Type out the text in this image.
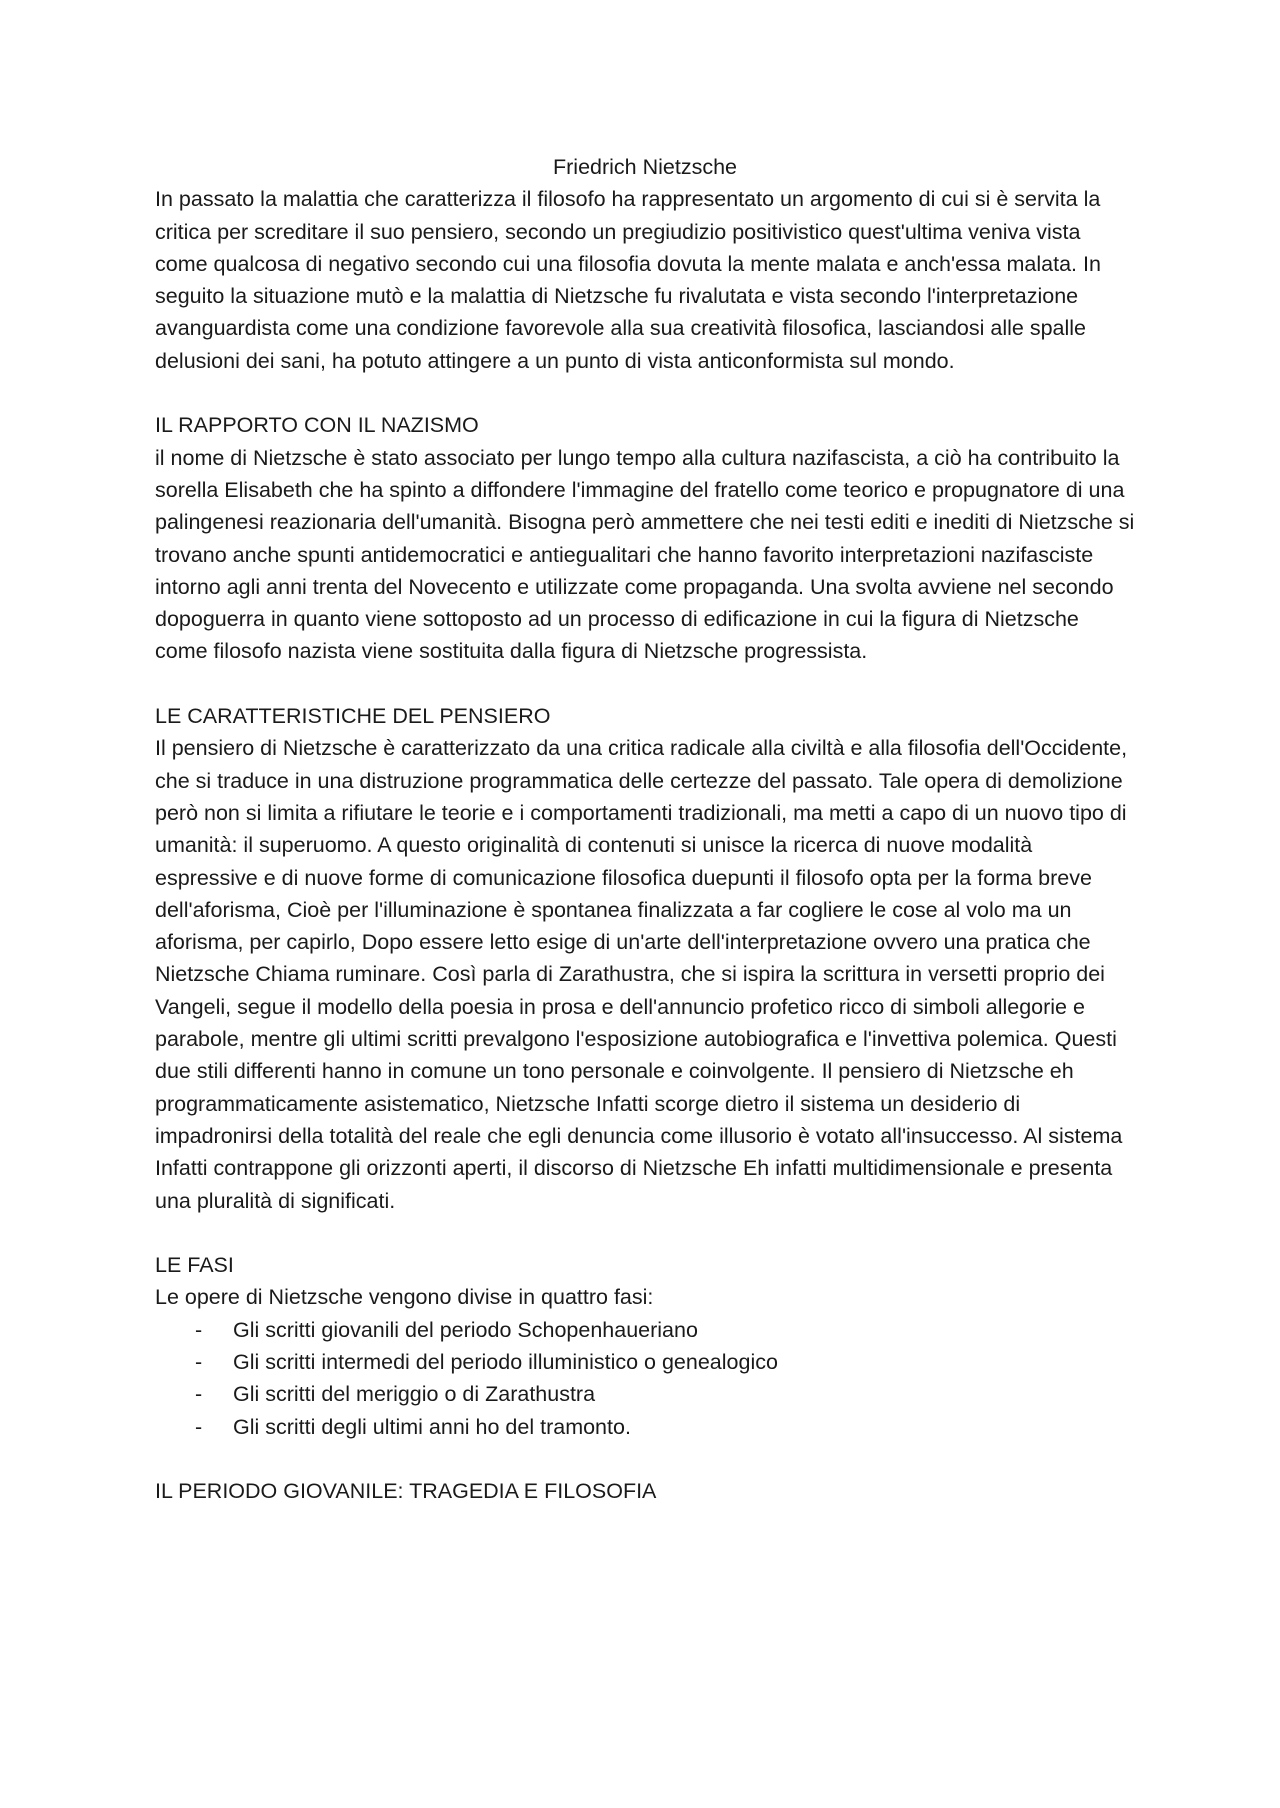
Friedrich Nietzsche

In passato la malattia che caratterizza il filosofo ha rappresentato un argomento di cui si è servita la critica per screditare il suo pensiero, secondo un pregiudizio positivistico quest'ultima veniva vista come qualcosa di negativo secondo cui una filosofia dovuta la mente malata e anch'essa malata. In seguito la situazione mutò e la malattia di Nietzsche fu rivalutata e vista secondo l'interpretazione avanguardista come una condizione favorevole alla sua creatività filosofica, lasciandosi alle spalle delusioni dei sani, ha potuto attingere a un punto di vista anticonformista sul mondo.

IL RAPPORTO CON IL NAZISMO

il nome di Nietzsche è stato associato per lungo tempo alla cultura nazifascista, a ciò ha contribuito la sorella Elisabeth che ha spinto a diffondere l'immagine del fratello come teorico e propugnatore di una palingenesi reazionaria dell'umanità. Bisogna però ammettere che nei testi editi e inediti di Nietzsche si trovano anche spunti antidemocratici e antiegualitari che hanno favorito interpretazioni nazifasciste intorno agli anni trenta del Novecento e utilizzate come propaganda. Una svolta avviene nel secondo dopoguerra in quanto viene sottoposto ad un processo di edificazione in cui la figura di Nietzsche come filosofo nazista viene sostituita dalla figura di Nietzsche progressista.

LE CARATTERISTICHE DEL PENSIERO

Il pensiero di Nietzsche è caratterizzato da una critica radicale alla civiltà e alla filosofia dell'Occidente, che si traduce in una distruzione programmatica delle certezze del passato. Tale opera di demolizione però non si limita a rifiutare le teorie e i comportamenti tradizionali, ma metti a capo di un nuovo tipo di umanità: il superuomo. A questo originalità di contenuti si unisce la ricerca di nuove modalità espressive e di nuove forme di comunicazione filosofica duepunti il filosofo opta per la forma breve dell'aforisma, Cioè per l'illuminazione è spontanea finalizzata a far cogliere le cose al volo ma un aforisma, per capirlo, Dopo essere letto esige di un'arte dell'interpretazione ovvero una pratica che Nietzsche Chiama ruminare. Così parla di Zarathustra, che si ispira la scrittura in versetti proprio dei Vangeli, segue il modello della poesia in prosa e dell'annuncio profetico ricco di simboli allegorie e parabole, mentre gli ultimi scritti prevalgono l'esposizione autobiografica e l'invettiva polemica. Questi due stili differenti hanno in comune un tono personale e coinvolgente. Il pensiero di Nietzsche eh programmaticamente asistematico, Nietzsche Infatti scorge dietro il sistema un desiderio di impadronirsi della totalità del reale che egli denuncia come illusorio è votato all'insuccesso. Al sistema Infatti contrappone gli orizzonti aperti, il discorso di Nietzsche Eh infatti multidimensionale e presenta una pluralità di significati.

LE FASI

Le opere di Nietzsche vengono divise in quattro fasi:

- Gli scritti giovanili del periodo Schopenhaueriano
- Gli scritti intermedi del periodo illuministico o genealogico
- Gli scritti del meriggio o di Zarathustra
- Gli scritti degli ultimi anni ho del tramonto.
IL PERIODO GIOVANILE: TRAGEDIA E FILOSOFIA
